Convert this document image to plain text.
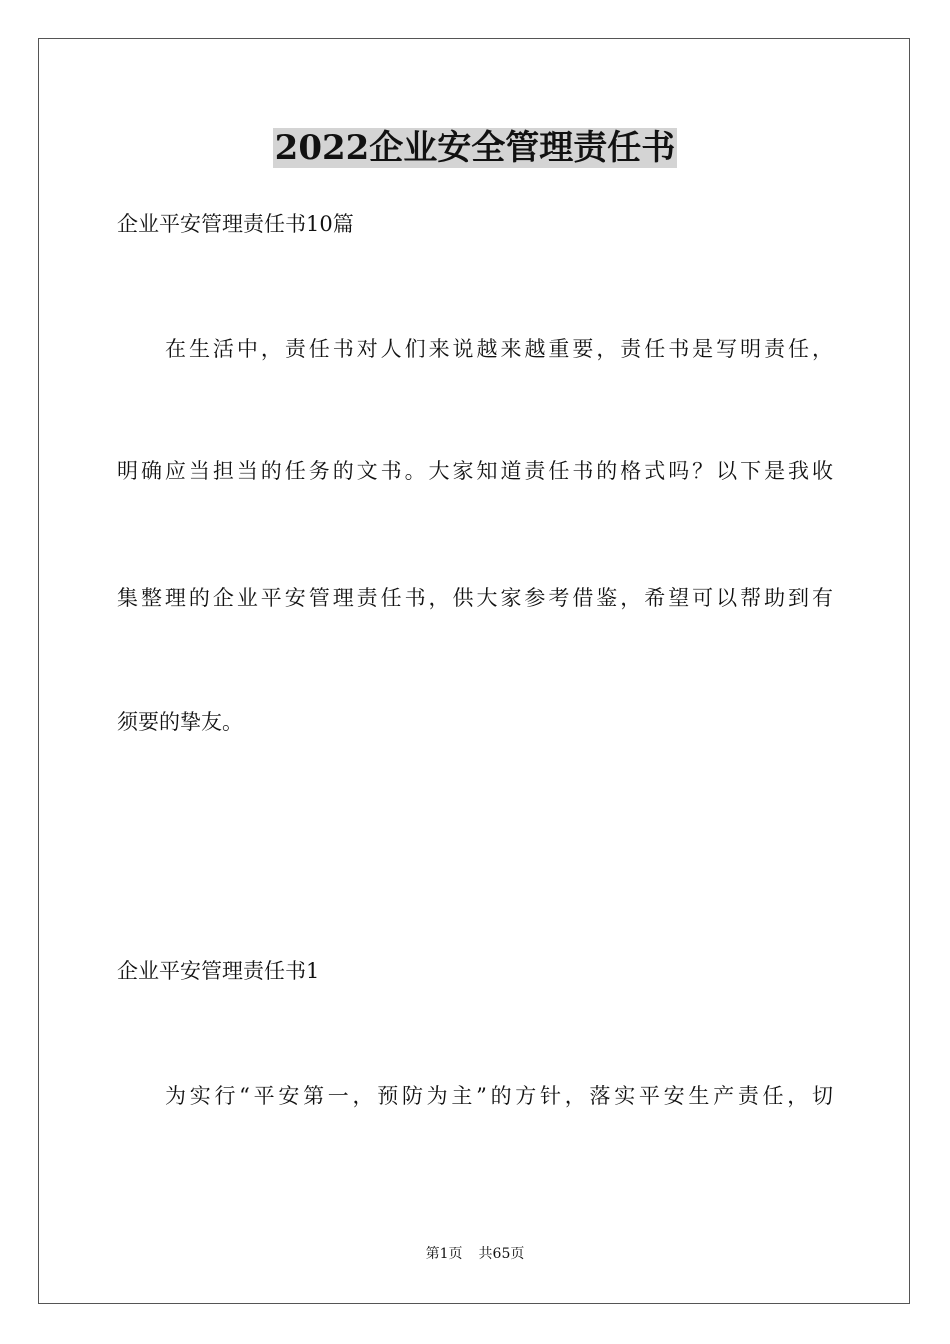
2022企业安全管理责任书
企业平安管理责任书10篇
在生活中，责任书对人们来说越来越重要，责任书是写明责任，
明确应当担当的任务的文书。大家知道责任书的格式吗？以下是我收
集整理的企业平安管理责任书，供大家参考借鉴，希望可以帮助到有
须要的挚友。
企业平安管理责任书1
为实行“平安第一，预防为主”的方针，落实平安生产责任，切
第1页 共65页
